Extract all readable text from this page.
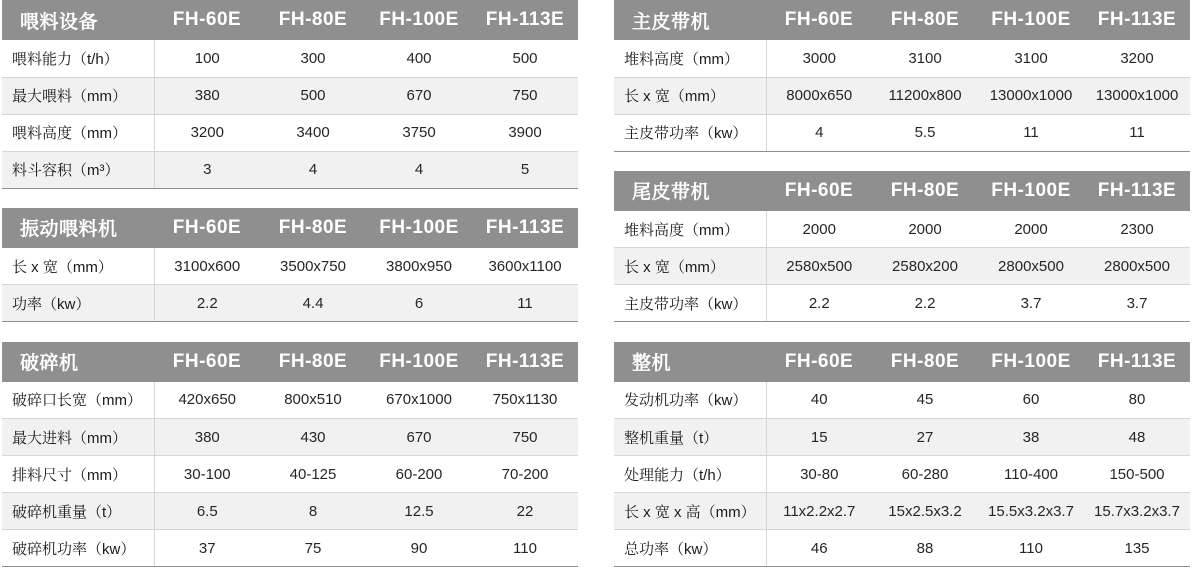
喂料设备	FH-60E	FH-80E	FH-100E	FH-113E
喂料能力（t/h）	100	300	400	500
最大喂料（mm）	380	500	670	750
喂料高度（mm）	3200	3400	3750	3900
料斗容积（m³）	3	4	4	5
振动喂料机	FH-60E	FH-80E	FH-100E	FH-113E
长 x 宽（mm）	3100x600	3500x750	3800x950	3600x1100
功率（kw）	2.2	4.4	6	11
破碎机	FH-60E	FH-80E	FH-100E	FH-113E
破碎口长宽（mm）	420x650	800x510	670x1000	750x1130
最大进料（mm）	380	430	670	750
排料尺寸（mm）	30-100	40-125	60-200	70-200
破碎机重量（t）	6.5	8	12.5	22
破碎机功率（kw）	37	75	90	110
主皮带机	FH-60E	FH-80E	FH-100E	FH-113E
堆料高度（mm）	3000	3100	3100	3200
长 x 宽（mm）	8000x650	11200x800	13000x1000	13000x1000
主皮带功率（kw）	4	5.5	11	11
尾皮带机	FH-60E	FH-80E	FH-100E	FH-113E
堆料高度（mm）	2000	2000	2000	2300
长 x 宽（mm）	2580x500	2580x200	2800x500	2800x500
主皮带功率（kw）	2.2	2.2	3.7	3.7
整机	FH-60E	FH-80E	FH-100E	FH-113E
发动机功率（kw）	40	45	60	80
整机重量（t）	15	27	38	48
处理能力（t/h）	30-80	60-280	110-400	150-500
长 x 宽 x 高（mm）	11x2.2x2.7	15x2.5x3.2	15.5x3.2x3.7	15.7x3.2x3.7
总功率（kw）	46	88	110	135
